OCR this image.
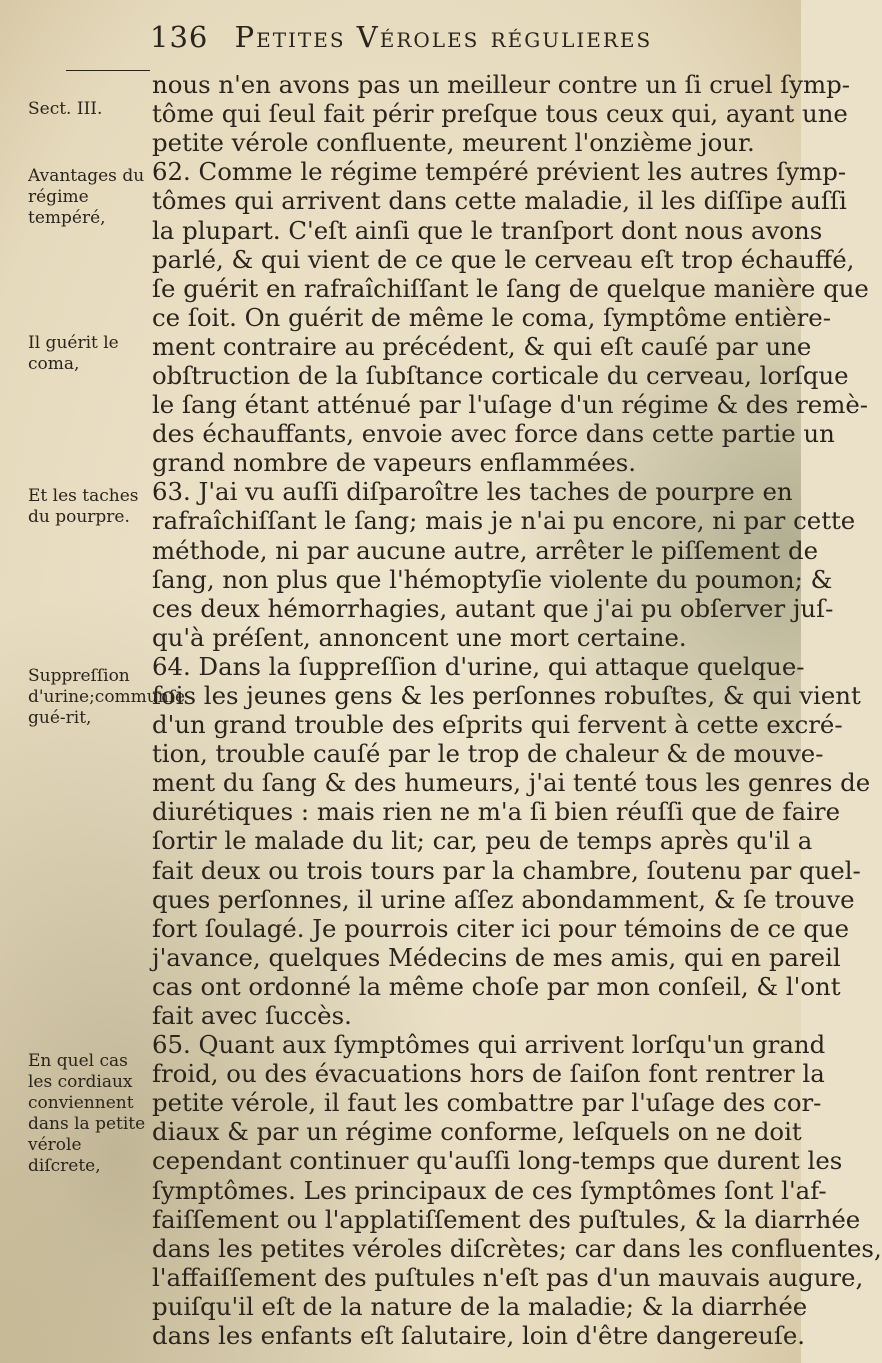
136 Petites Véroles régulieres
Sect. III.
Avantages du régime tempéré,
Il guérit le coma,
Et les taches du pourpre.
Suppreſſion d'urine;communſe gué-rit,
En quel cas les cordiaux conviennent dans la petite vérole diſcrete,
nous n'en avons pas un meilleur contre un ſi cruel ſymp-
tôme qui ſeul fait périr preſque tous ceux qui, ayant une
petite vérole confluente, meurent l'onzième jour.
62. Comme le régime tempéré prévient les autres ſymp-
tômes qui arrivent dans cette maladie, il les diſſipe auſſi
la plupart. C'eſt ainſi que le tranſport dont nous avons
parlé, & qui vient de ce que le cerveau eſt trop échauffé,
ſe guérit en rafraîchiſſant le ſang de quelque manière que
ce ſoit. On guérit de même le coma, ſymptôme entière-
ment contraire au précédent, & qui eſt cauſé par une
obſtruction de la ſubſtance corticale du cerveau, lorſque
le ſang étant atténué par l'uſage d'un régime & des remè-
des échauffants, envoie avec force dans cette partie un
grand nombre de vapeurs enflammées.
63. J'ai vu auſſi diſparoître les taches de pourpre en
rafraîchiſſant le ſang; mais je n'ai pu encore, ni par cette
méthode, ni par aucune autre, arrêter le piſſement de
ſang, non plus que l'hémoptyſie violente du poumon; &
ces deux hémorrhagies, autant que j'ai pu obſerver juſ-
qu'à préſent, annoncent une mort certaine.
64. Dans la ſuppreſſion d'urine, qui attaque quelque-
fois les jeunes gens & les perſonnes robuſtes, & qui vient
d'un grand trouble des eſprits qui fervent à cette excré-
tion, trouble cauſé par le trop de chaleur & de mouve-
ment du ſang & des humeurs, j'ai tenté tous les genres de
diurétiques : mais rien ne m'a ſi bien réuſſi que de faire
ſortir le malade du lit; car, peu de temps après qu'il a
fait deux ou trois tours par la chambre, ſoutenu par quel-
ques perſonnes, il urine aſſez abondamment, & ſe trouve
fort ſoulagé. Je pourrois citer ici pour témoins de ce que
j'avance, quelques Médecins de mes amis, qui en pareil
cas ont ordonné la même choſe par mon conſeil, & l'ont
fait avec ſuccès.
65. Quant aux ſymptômes qui arrivent lorſqu'un grand
froid, ou des évacuations hors de ſaiſon font rentrer la
petite vérole, il faut les combattre par l'uſage des cor-
diaux & par un régime conforme, leſquels on ne doit
cependant continuer qu'auſſi long-temps que durent les
ſymptômes. Les principaux de ces ſymptômes ſont l'af-
faiſſement ou l'applatiſſement des puſtules, & la diarrhée
dans les petites véroles diſcrètes; car dans les confluentes,
l'affaiſſement des puſtules n'eſt pas d'un mauvais augure,
puiſqu'il eſt de la nature de la maladie; & la diarrhée
dans les enfants eſt ſalutaire, loin d'être dangereuſe.
